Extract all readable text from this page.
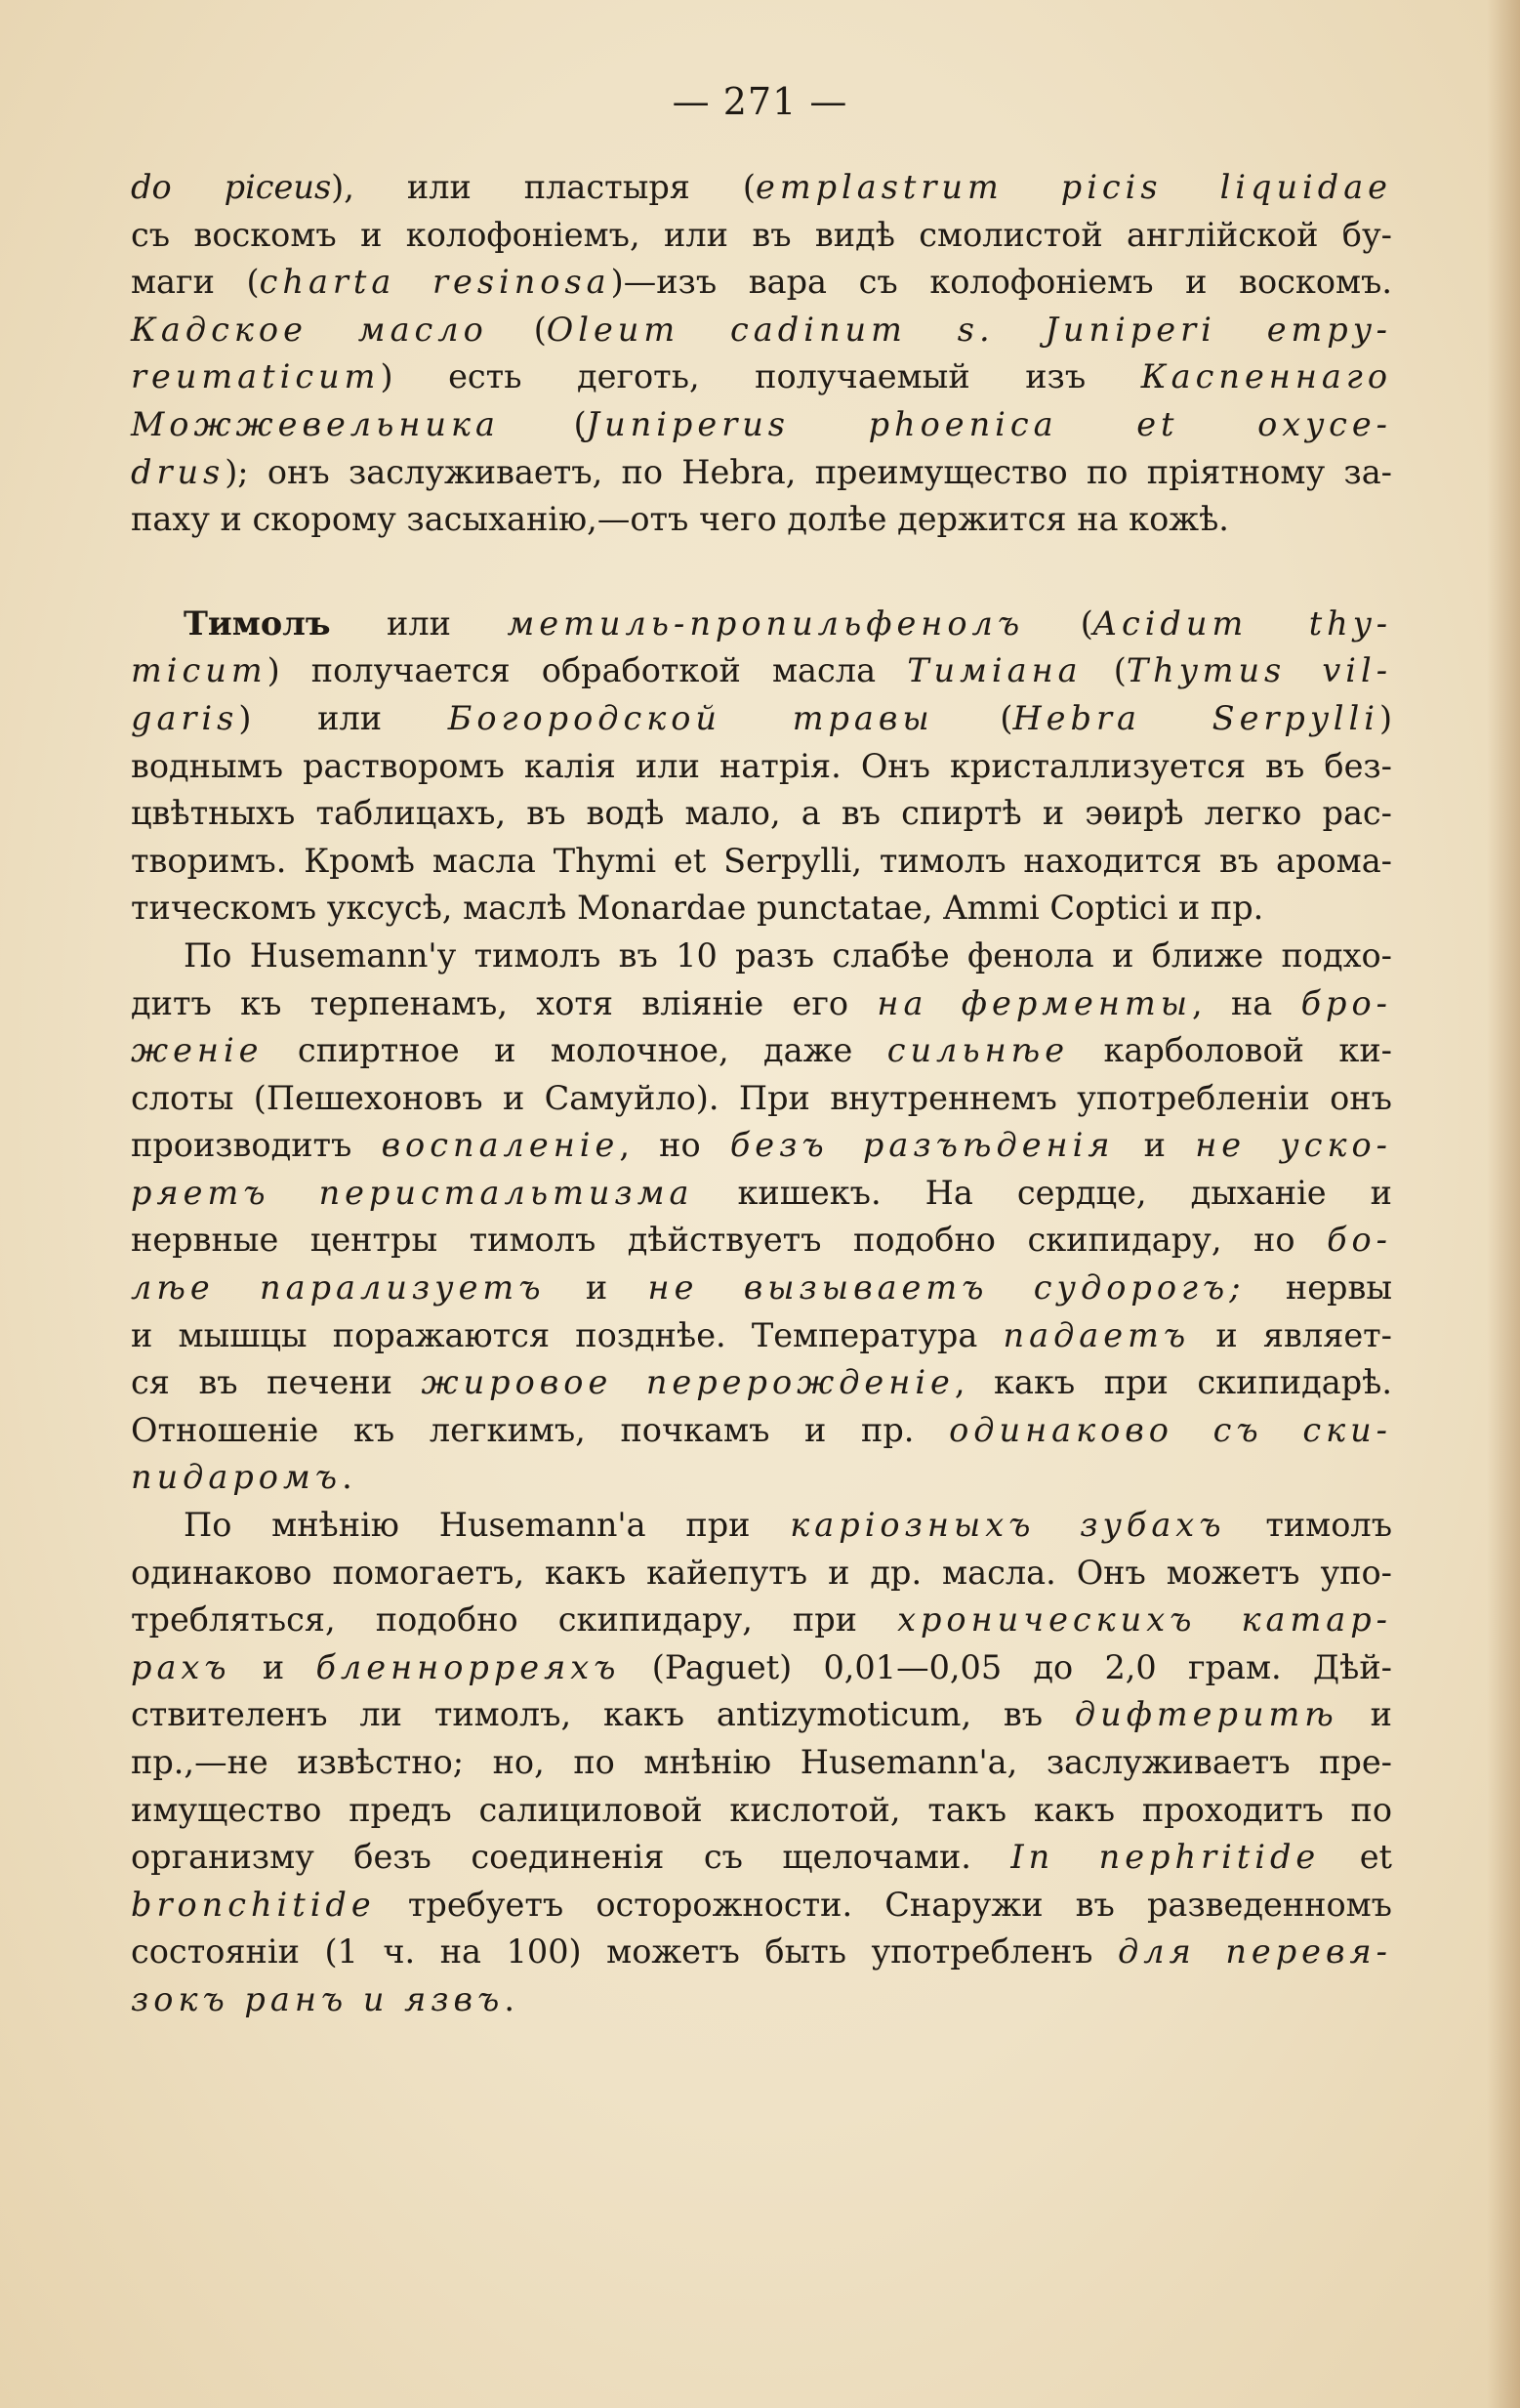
— 271 —
do piceus), или пластыря (emplastrum picis liquidae
съ воскомъ и колофоніемъ, или въ видѣ смолистой англійской бу-
маги (charta resinosa)—изъ вара съ колофоніемъ и воскомъ.
Кадское масло (Oleum cadinum s. Juniperi empy-
reumaticum) есть деготь, получаемый изъ Каспеннаго
Можжевельника (Juniperus phoenica et oxyce-
drus); онъ заслуживаетъ, по Hebra, преимущество по пріятному за-
паху и скорому засыханію,—отъ чего долѣе держится на кожѣ.
Тимолъ или метиль-пропильфенолъ (Acidum thy-
micum) получается обработкой масла Тиміана (Thymus vil-
garis) или Богородской травы (Hebra Serpylli)
воднымъ растворомъ калія или натрія. Онъ кристаллизуется въ без-
цвѣтныхъ таблицахъ, въ водѣ мало, а въ спиртѣ и эѳирѣ легко рас-
творимъ. Кромѣ масла Thymi et Serpylli, тимолъ находится въ арома-
тическомъ уксусѣ, маслѣ Monardae punctatae, Ammi Coptici и пр.
По Husemann'у тимолъ въ 10 разъ слабѣе фенола и ближе подхо-
дитъ къ терпенамъ, хотя вліяніе его на ферменты, на бро-
женіе спиртное и молочное, даже сильнѣе карболовой ки-
слоты (Пешехоновъ и Самуйло). При внутреннемъ употребленіи онъ
производитъ воспаленіе, но безъ разъѣденія и не уско-
ряетъ перистальтизма кишекъ. На сердце, дыханіе и
нервные центры тимолъ дѣйствуетъ подобно скипидару, но бо-
лѣе парализуетъ и не вызываетъ судорогъ; нервы
и мышцы поражаются позднѣе. Температура падаетъ и являет-
ся въ печени жировое перерожденіе, какъ при скипидарѣ.
Отношеніе къ легкимъ, почкамъ и пр. одинаково съ ски-
пидаромъ.
По мнѣнію Husemann'a при каріозныхъ зубахъ тимолъ
одинаково помогаетъ, какъ кайепутъ и др. масла. Онъ можетъ упо-
требляться, подобно скипидару, при хроническихъ катар-
рахъ и бленнорреяхъ (Paguet) 0,01—0,05 до 2,0 грам. Дѣй-
ствителенъ ли тимолъ, какъ antizymoticum, въ дифтеритѣ и
пр.,—не извѣстно; но, по мнѣнію Husemann'a, заслуживаетъ пре-
имущество предъ салициловой кислотой, такъ какъ проходитъ по
организму безъ соединенія съ щелочами. In nephritide et
bronchitide требуетъ осторожности. Снаружи въ разведенномъ
состояніи (1 ч. на 100) можетъ быть употребленъ для перевя-
зокъ ранъ и язвъ.
